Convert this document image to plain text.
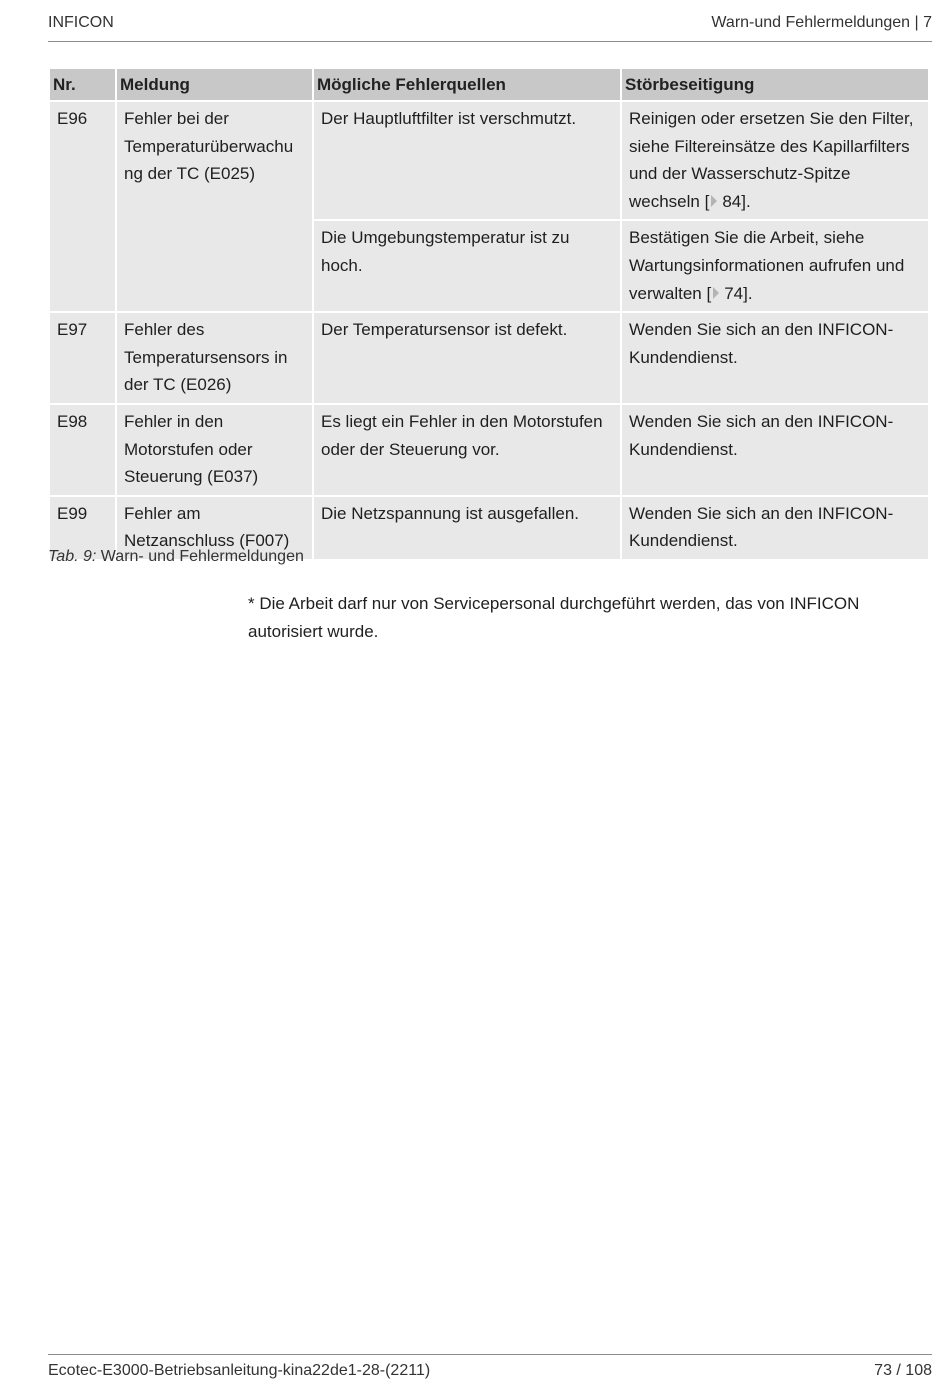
INFICON	Warn-und Fehlermeldungen | 7
Nr.	Meldung	Mögliche Fehlerquellen	Störbeseitigung
E96	Fehler bei der
Temperaturüberwachu
ng der TC (E025)	Der Hauptluftfilter ist verschmutzt.	Reinigen oder ersetzen Sie den Filter, siehe Filtereinsätze des Kapillarfilters und der Wasserschutz-Spitze wechseln [ 84].
		Die Umgebungstemperatur ist zu hoch.	Bestätigen Sie die Arbeit, siehe Wartungsinformationen aufrufen und verwalten [ 74].
E97	Fehler des Temperatursensors in der TC (E026)	Der Temperatursensor ist defekt.	Wenden Sie sich an den INFICON-Kundendienst.
E98	Fehler in den Motorstufen oder Steuerung (E037)	Es liegt ein Fehler in den Motorstufen oder der Steuerung vor.	Wenden Sie sich an den INFICON-Kundendienst.
E99	Fehler am Netzanschluss (F007)	Die Netzspannung ist ausgefallen.	Wenden Sie sich an den INFICON-Kundendienst.
Tab. 9: Warn- und Fehlermeldungen
* Die Arbeit darf nur von Servicepersonal durchgeführt werden, das von INFICON autorisiert wurde.
Ecotec-E3000-Betriebsanleitung-kina22de1-28-(2211)	73 / 108
